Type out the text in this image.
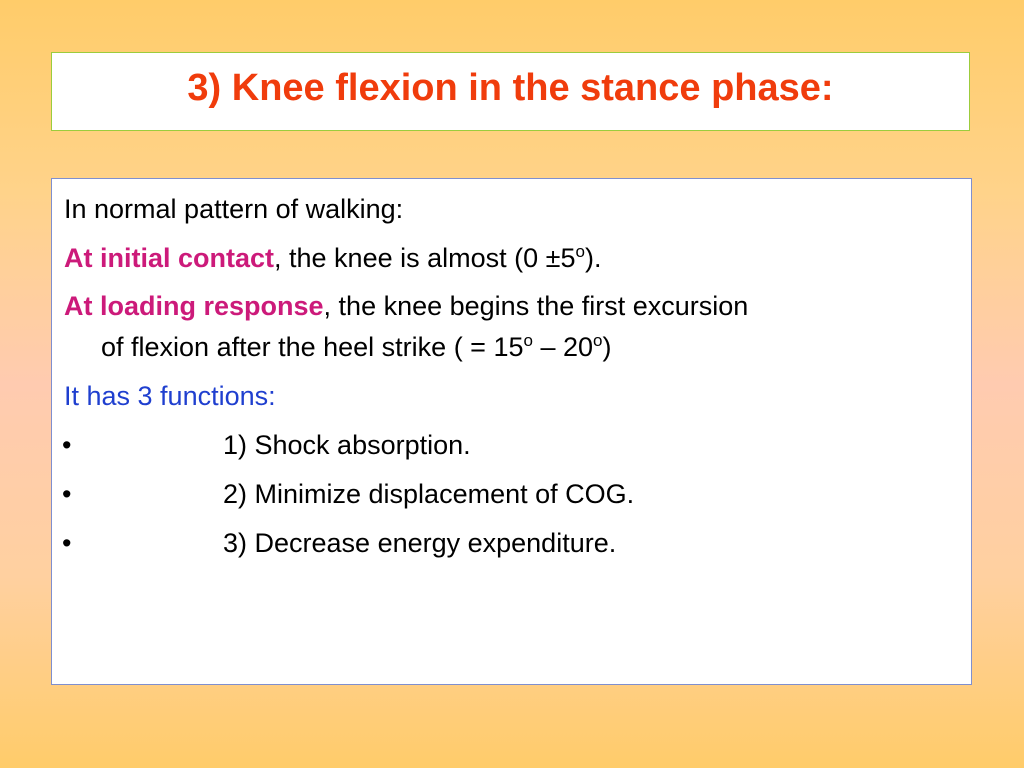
3) Knee flexion in the stance phase:
In normal pattern of walking:
At initial contact, the knee is almost $(0 \pm 5^o)$.
At loading response, the knee begins the first excursion
of flexion after the heel strike ( = $15^o - 20^o$)
It has 3 functions:
•	1) Shock absorption.
•	2) Minimize displacement of COG.
•	3) Decrease energy expenditure.
